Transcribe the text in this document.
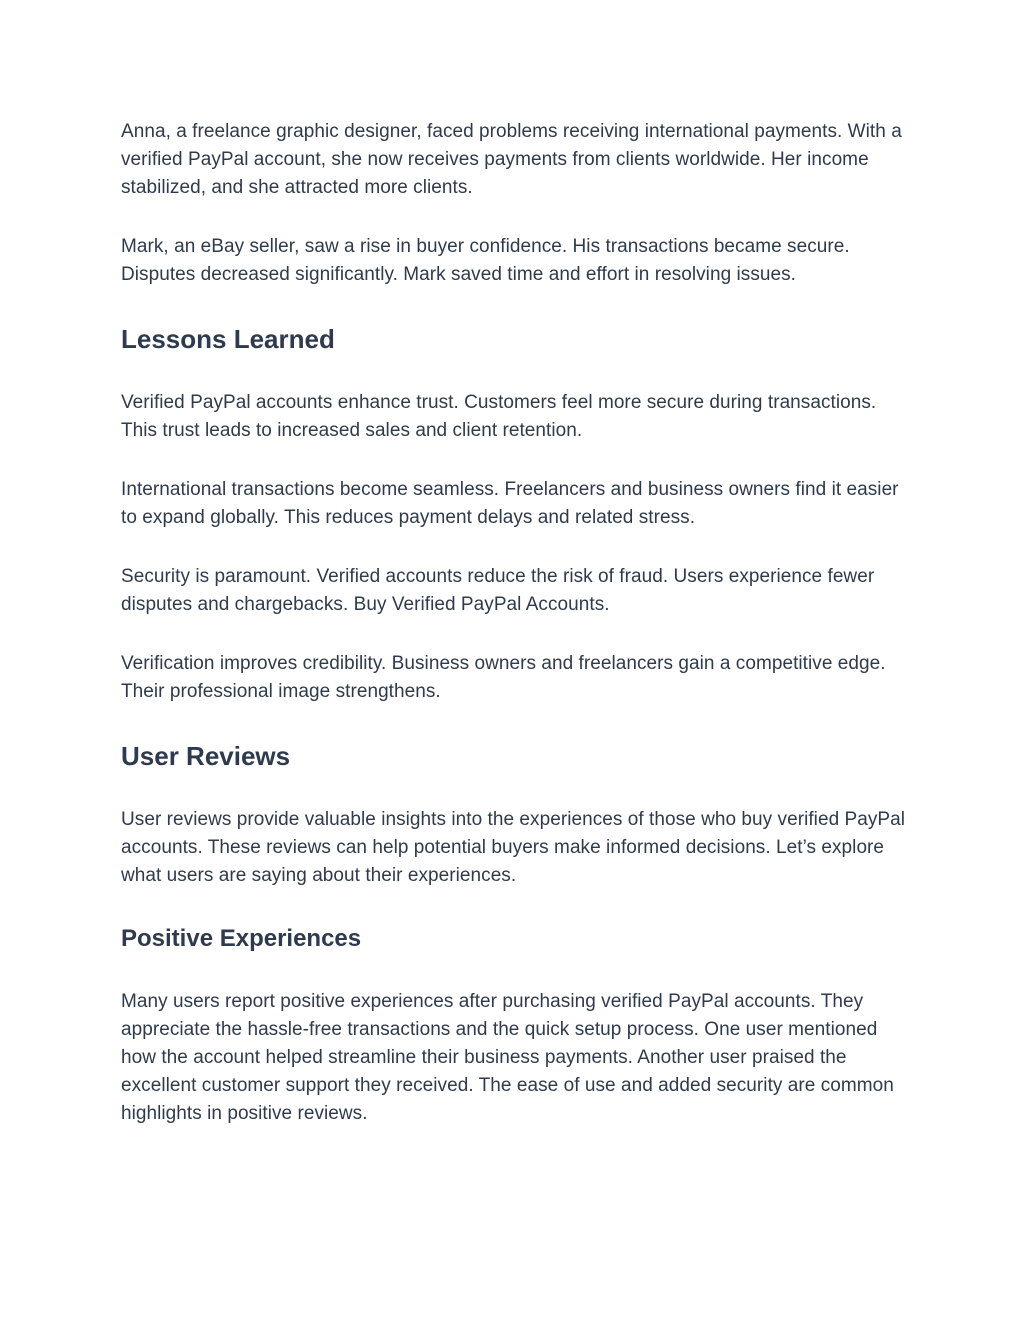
Anna, a freelance graphic designer, faced problems receiving international payments. With a verified PayPal account, she now receives payments from clients worldwide. Her income stabilized, and she attracted more clients.

Mark, an eBay seller, saw a rise in buyer confidence. His transactions became secure. Disputes decreased significantly. Mark saved time and effort in resolving issues.

Lessons Learned

Verified PayPal accounts enhance trust. Customers feel more secure during transactions. This trust leads to increased sales and client retention.

International transactions become seamless. Freelancers and business owners find it easier to expand globally. This reduces payment delays and related stress.

Security is paramount. Verified accounts reduce the risk of fraud. Users experience fewer disputes and chargebacks. Buy Verified PayPal Accounts.

Verification improves credibility. Business owners and freelancers gain a competitive edge. Their professional image strengthens.

User Reviews

User reviews provide valuable insights into the experiences of those who buy verified PayPal accounts. These reviews can help potential buyers make informed decisions. Let’s explore what users are saying about their experiences.

Positive Experiences

Many users report positive experiences after purchasing verified PayPal accounts. They appreciate the hassle-free transactions and the quick setup process. One user mentioned how the account helped streamline their business payments. Another user praised the excellent customer support they received. The ease of use and added security are common highlights in positive reviews.
